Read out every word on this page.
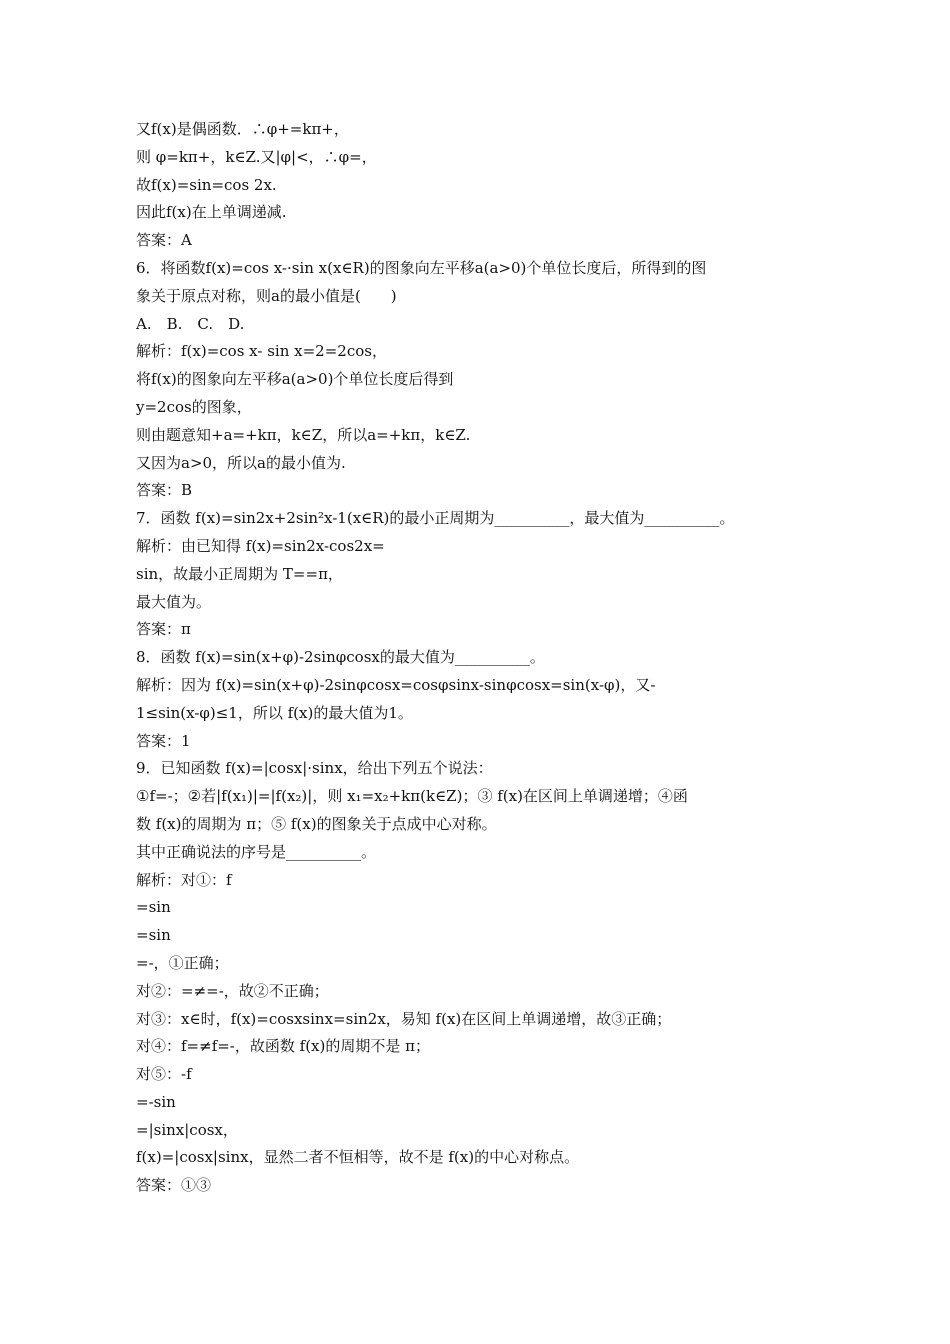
又f(x)是偶函数．∴φ+=kπ+，
则 φ=kπ+，k∈Z.又|φ|<，∴φ=，
故f(x)=sin=cos 2x.
因此f(x)在上单调递减.
答案：A
6．将函数f(x)=cos x-·sin x(x∈R)的图象向左平移a(a>0)个单位长度后，所得到的图
象关于原点对称，则a的最小值是(　　)
A.　B.　C.　D.
解析：f(x)=cos x- sin x=2=2cos，
将f(x)的图象向左平移a(a>0)个单位长度后得到
y=2cos的图象，
则由题意知+a=+kπ，k∈Z，所以a=+kπ，k∈Z.
又因为a>0，所以a的最小值为.
答案：B
7．函数 f(x)=sin2x+2sin²x-1(x∈R)的最小正周期为__________，最大值为__________。
解析：由已知得 f(x)=sin2x-cos2x=
sin，故最小正周期为 T==π，
最大值为。
答案：π
8．函数 f(x)=sin(x+φ)-2sinφcosx的最大值为__________。
解析：因为 f(x)=sin(x+φ)-2sinφcosx=cosφsinx-sinφcosx=sin(x-φ)，又-
1≤sin(x-φ)≤1，所以 f(x)的最大值为1。
答案：1
9．已知函数 f(x)=|cosx|·sinx，给出下列五个说法：
①f=-；②若|f(x₁)|=|f(x₂)|，则 x₁=x₂+kπ(k∈Z)；③ f(x)在区间上单调递增；④函
数 f(x)的周期为 π；⑤ f(x)的图象关于点成中心对称。
其中正确说法的序号是__________。
解析：对①：f
=sin
=sin
=-，①正确；
对②：=≠=-，故②不正确；
对③：x∈时，f(x)=cosxsinx=sin2x，易知 f(x)在区间上单调递增，故③正确；
对④：f=≠f=-，故函数 f(x)的周期不是 π；
对⑤：-f
=-sin
=|sinx|cosx，
f(x)=|cosx|sinx，显然二者不恒相等，故不是 f(x)的中心对称点。
答案：①③
